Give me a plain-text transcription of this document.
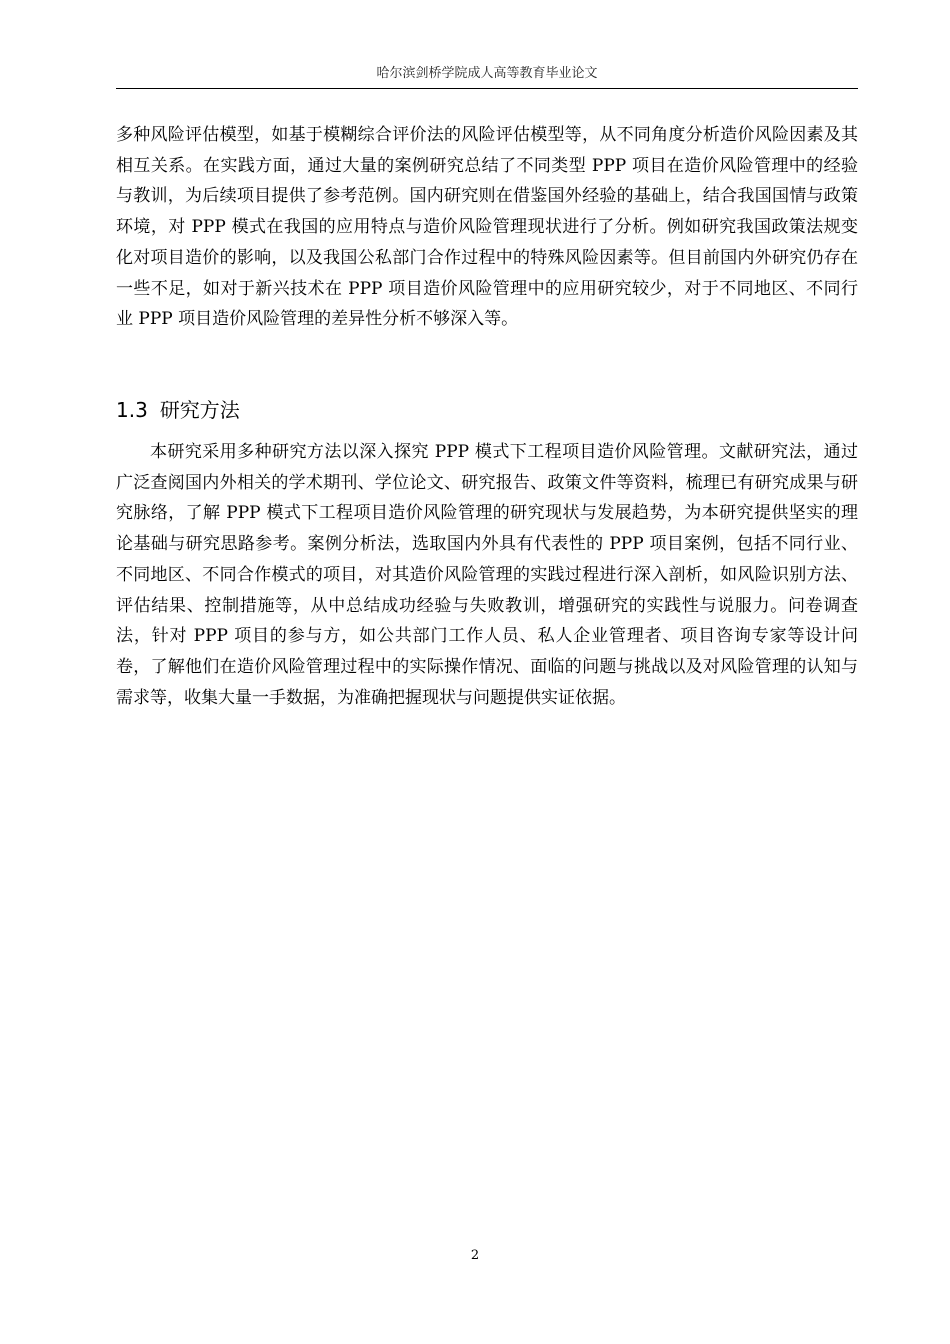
哈尔滨剑桥学院成人高等教育毕业论文

多种风险评估模型，如基于模糊综合评价法的风险评估模型等，从不同角度分析造价风险因素及其相互关系。在实践方面，通过大量的案例研究总结了不同类型 PPP 项目在造价风险管理中的经验与教训，为后续项目提供了参考范例。国内研究则在借鉴国外经验的基础上，结合我国国情与政策环境，对 PPP 模式在我国的应用特点与造价风险管理现状进行了分析。例如研究我国政策法规变化对项目造价的影响，以及我国公私部门合作过程中的特殊风险因素等。但目前国内外研究仍存在一些不足，如对于新兴技术在 PPP 项目造价风险管理中的应用研究较少，对于不同地区、不同行业 PPP 项目造价风险管理的差异性分析不够深入等。

1.3 研究方法

本研究采用多种研究方法以深入探究 PPP 模式下工程项目造价风险管理。文献研究法，通过广泛查阅国内外相关的学术期刊、学位论文、研究报告、政策文件等资料，梳理已有研究成果与研究脉络，了解 PPP 模式下工程项目造价风险管理的研究现状与发展趋势，为本研究提供坚实的理论基础与研究思路参考。案例分析法，选取国内外具有代表性的 PPP 项目案例，包括不同行业、不同地区、不同合作模式的项目，对其造价风险管理的实践过程进行深入剖析，如风险识别方法、评估结果、控制措施等，从中总结成功经验与失败教训，增强研究的实践性与说服力。问卷调查法，针对 PPP 项目的参与方，如公共部门工作人员、私人企业管理者、项目咨询专家等设计问卷，了解他们在造价风险管理过程中的实际操作情况、面临的问题与挑战以及对风险管理的认知与需求等，收集大量一手数据，为准确把握现状与问题提供实证依据。

2
